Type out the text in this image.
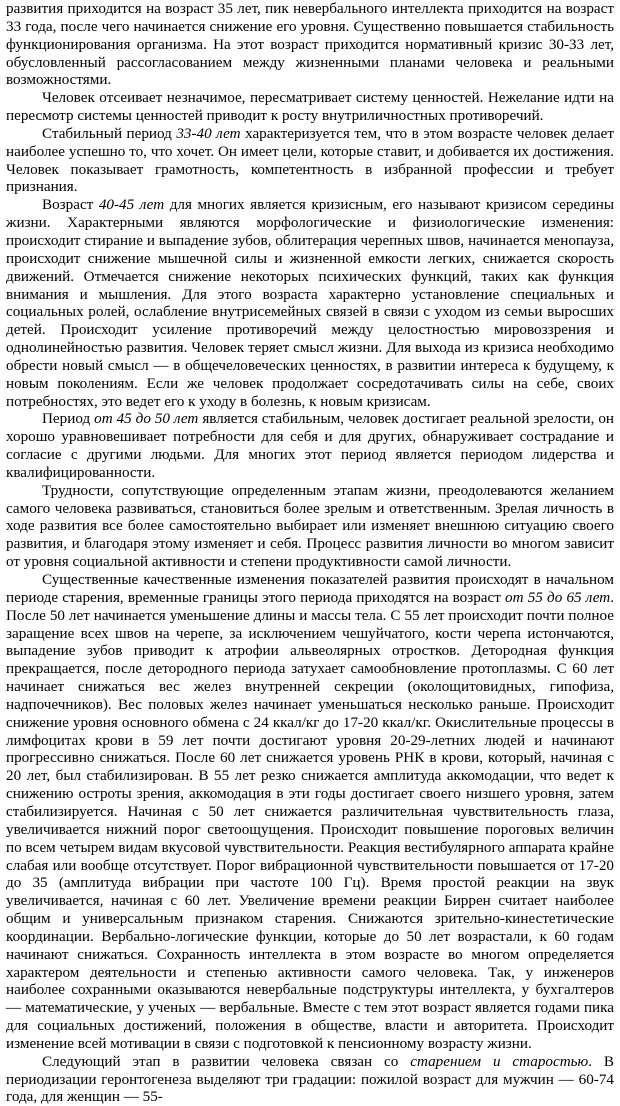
развития приходится на возраст 35 лет, пик невербального интеллекта приходится на возраст 33 года, после чего начинается снижение его уровня. Существенно повышается стабильность функционирования организма. На этот возраст приходится нормативный кризис 30-33 лет, обусловленный рассогласованием между жизненными планами человека и реальными возможностями.

Человек отсеивает незначимое, пересматривает систему ценностей. Нежелание идти на пересмотр системы ценностей приводит к росту внутриличностных противоречий.

Стабильный период 33-40 лет характеризуется тем, что в этом возрасте человек делает наиболее успешно то, что хочет. Он имеет цели, которые ставит, и добивается их достижения. Человек показывает грамотность, компетентность в избранной профессии и требует признания.

Возраст 40-45 лет для многих является кризисным, его называют кризисом середины жизни. Характерными являются морфологические и физиологические изменения: происходит стирание и выпадение зубов, облитерация черепных швов, начинается менопауза, происходит снижение мышечной силы и жизненной емкости легких, снижается скорость движений. Отмечается снижение некоторых психических функций, таких как функция внимания и мышления. Для этого возраста характерно установление специальных и социальных ролей, ослабление внутрисемейных связей в связи с уходом из семьи выросших детей. Происходит усиление противоречий между целостностью мировоззрения и однолинейностью развития. Человек теряет смысл жизни. Для выхода из кризиса необходимо обрести новый смысл — в общечеловеческих ценностях, в развитии интереса к будущему, к новым поколениям. Если же человек продолжает сосредотачивать силы на себе, своих потребностях, это ведет его к уходу в болезнь, к новым кризисам.

Период от 45 до 50 лет является стабильным, человек достигает реальной зрелости, он хорошо уравновешивает потребности для себя и для других, обнаруживает сострадание и согласие с другими людьми. Для многих этот период является периодом лидерства и квалифицированности.

Трудности, сопутствующие определенным этапам жизни, преодолеваются желанием самого человека развиваться, становиться более зрелым и ответственным. Зрелая личность в ходе развития все более самостоятельно выбирает или изменяет внешнюю ситуацию своего развития, и благодаря этому изменяет и себя. Процесс развития личности во многом зависит от уровня социальной активности и степени продуктивности самой личности.

Существенные качественные изменения показателей развития происходят в начальном периоде старения, временные границы этого периода приходятся на возраст от 55 до 65 лет. После 50 лет начинается уменьшение длины и массы тела. С 55 лет происходит почти полное заращение всех швов на черепе, за исключением чешуйчатого, кости черепа истончаются, выпадение зубов приводит к атрофии альвеолярных отростков. Детородная функция прекращается, после детородного периода затухает самообновление протоплазмы. С 60 лет начинает снижаться вес желез внутренней секреции (околощитовидных, гипофиза, надпочечников). Вес половых желез начинает уменьшаться несколько раньше. Происходит снижение уровня основного обмена с 24 ккал/кг до 17-20 ккал/кг. Окислительные процессы в лимфоцитах крови в 59 лет почти достигают уровня 20-29-летних людей и начинают прогрессивно снижаться. После 60 лет снижается уровень РНК в крови, который, начиная с 20 лет, был стабилизирован. В 55 лет резко снижается амплитуда аккомодации, что ведет к снижению остроты зрения, аккомодация в эти годы достигает своего низшего уровня, затем стабилизируется. Начиная с 50 лет снижается различительная чувствительность глаза, увеличивается нижний порог светоощущения. Происходит повышение пороговых величин по всем четырем видам вкусовой чувствительности. Реакция вестибулярного аппарата крайне слабая или вообще отсутствует. Порог вибрационной чувствительности повышается от 17-20 до 35 (амплитуда вибрации при частоте 100 Гц). Время простой реакции на звук увеличивается, начиная с 60 лет. Увеличение времени реакции Биррен считает наиболее общим и универсальным признаком старения. Снижаются зрительно-кинестетические координации. Вербально-логические функции, которые до 50 лет возрастали, к 60 годам начинают снижаться. Сохранность интеллекта в этом возрасте во многом определяется характером деятельности и степенью активности самого человека. Так, у инженеров наиболее сохранными оказываются невербальные подструктуры интеллекта, у бухгалтеров — математические, у ученых — вербальные. Вместе с тем этот возраст является годами пика для социальных достижений, положения в обществе, власти и авторитета. Происходит изменение всей мотивации в связи с подготовкой к пенсионному возрасту жизни.

Следующий этап в развитии человека связан со старением и старостью. В периодизации геронтогенеза выделяют три градации: пожилой возраст для мужчин — 60-74 года, для женщин — 55-
